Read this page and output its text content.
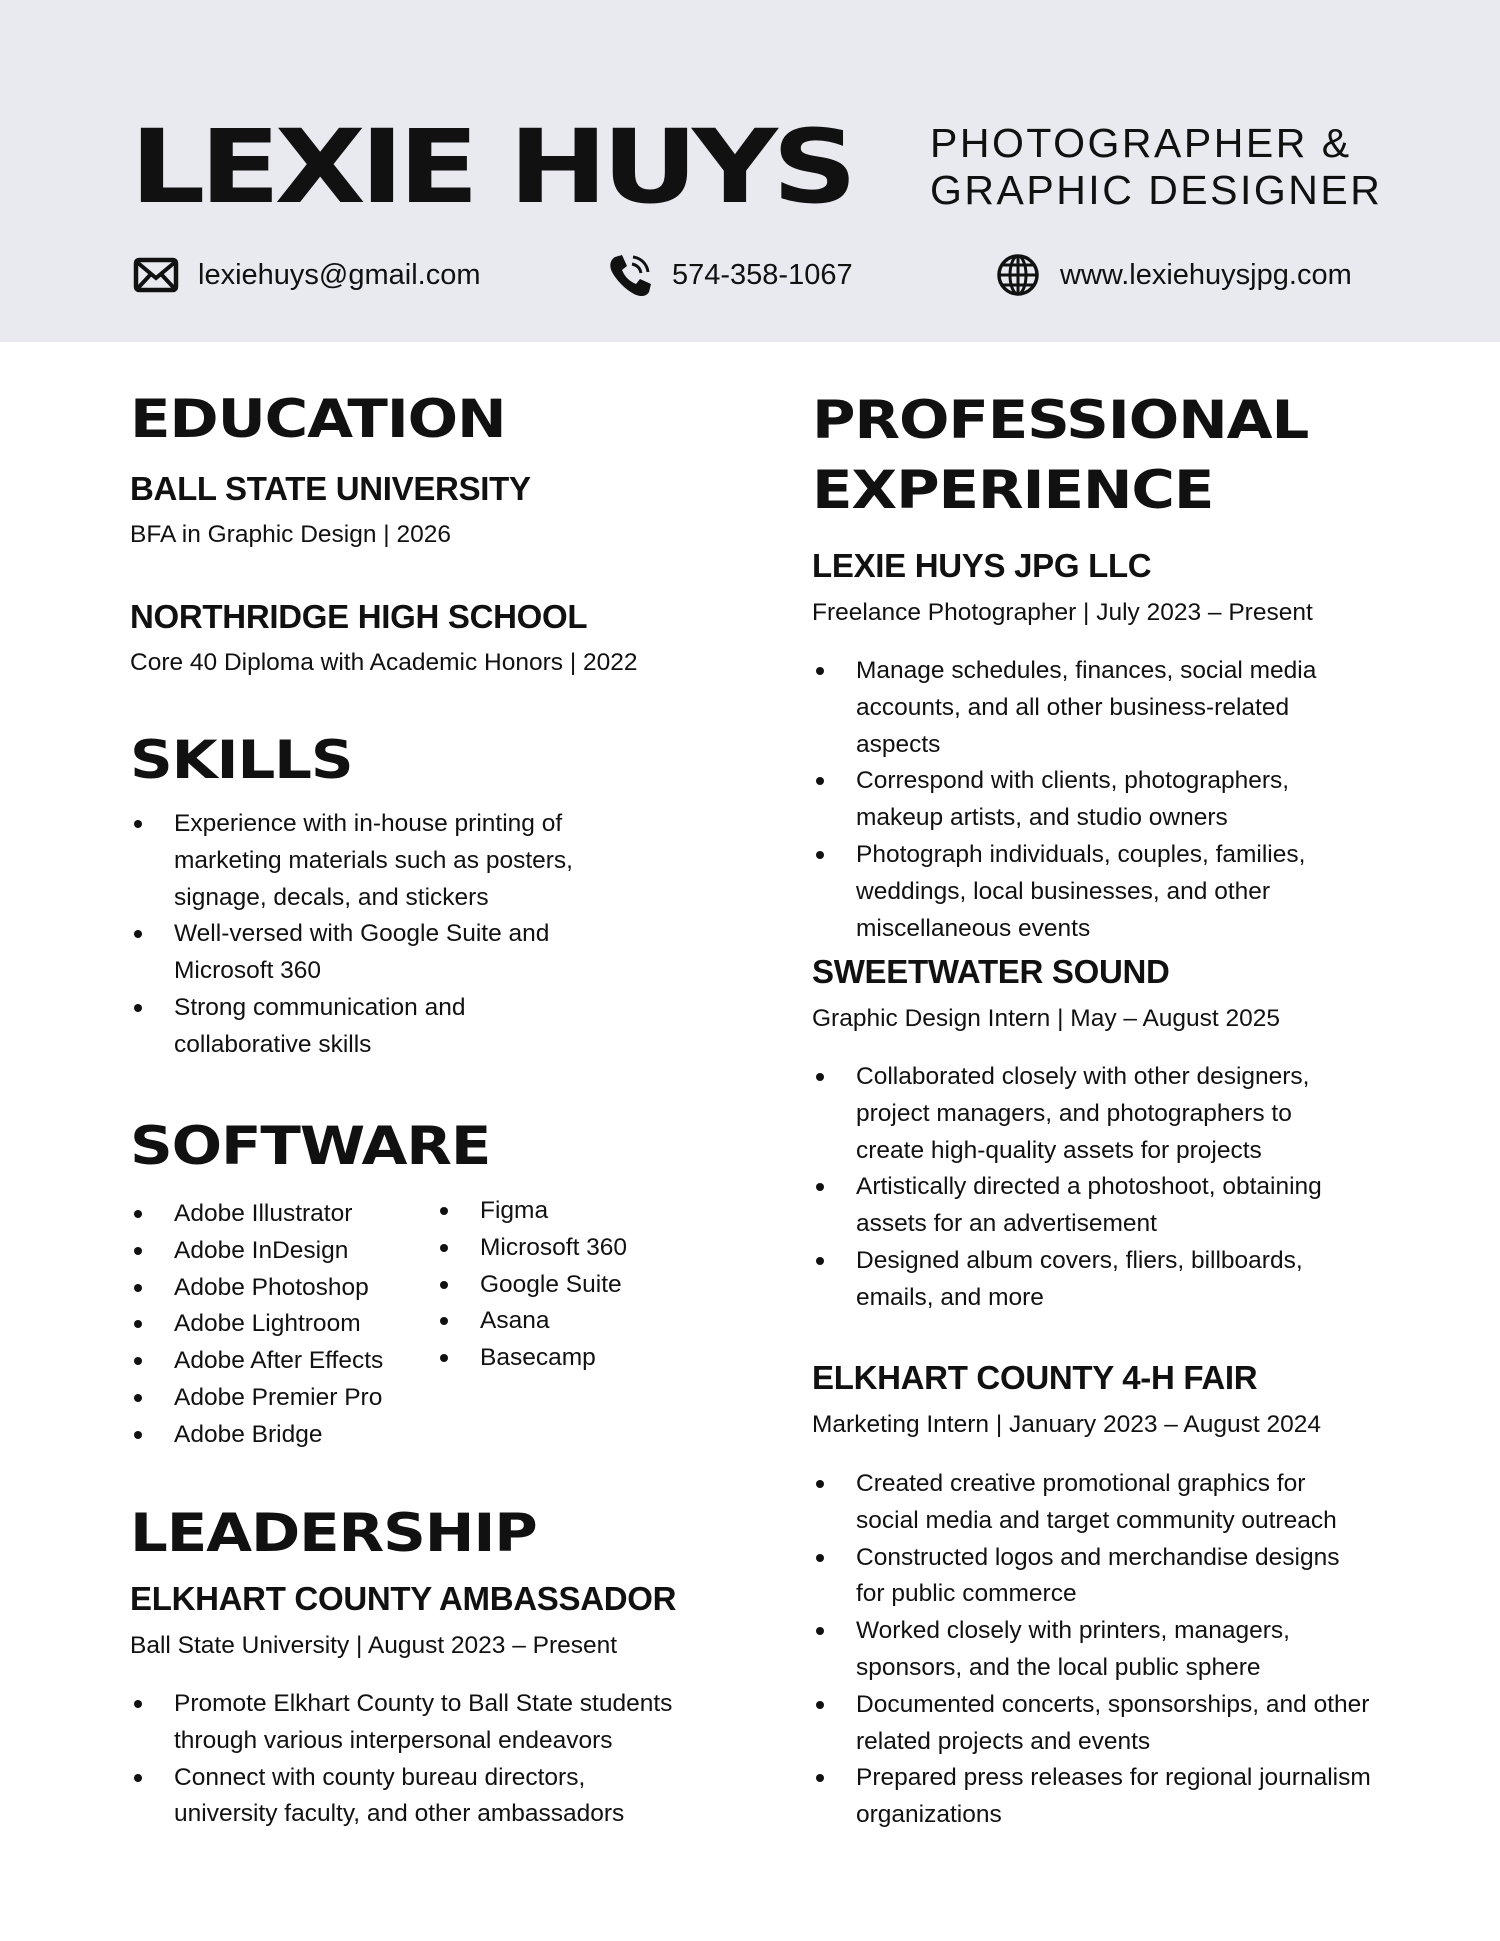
LEXIE HUYS PHOTOGRAPHER &
GRAPHIC DESIGNER
lexiehuys@gmail.com	574-358-1067	www.lexiehuysjpg.com
EDUCATION
BALL STATE UNIVERSITY
BFA in Graphic Design | 2026
NORTHRIDGE HIGH SCHOOL
Core 40 Diploma with Academic Honors | 2022
SKILLS
Experience with in-house printing of marketing materials such as posters, signage, decals, and stickers
Well-versed with Google Suite and Microsoft 360
Strong communication and collaborative skills
SOFTWARE
Adobe Illustrator
Adobe InDesign
Adobe Photoshop
Adobe Lightroom
Adobe After Effects
Adobe Premier Pro
Adobe Bridge
Figma
Microsoft 360
Google Suite
Asana
Basecamp
LEADERSHIP
ELKHART COUNTY AMBASSADOR
Ball State University | August 2023 – Present
Promote Elkhart County to Ball State students through various interpersonal endeavors
Connect with county bureau directors, university faculty, and other ambassadors
PROFESSIONAL
EXPERIENCE
LEXIE HUYS JPG LLC
Freelance Photographer | July 2023 – Present
Manage schedules, finances, social media accounts, and all other business-related aspects
Correspond with clients, photographers, makeup artists, and studio owners
Photograph individuals, couples, families, weddings, local businesses, and other miscellaneous events
SWEETWATER SOUND
Graphic Design Intern | May – August 2025
Collaborated closely with other designers, project managers, and photographers to create high-quality assets for projects
Artistically directed a photoshoot, obtaining assets for an advertisement
Designed album covers, fliers, billboards, emails, and more
ELKHART COUNTY 4-H FAIR
Marketing Intern | January 2023 – August 2024
Created creative promotional graphics for social media and target community outreach
Constructed logos and merchandise designs for public commerce
Worked closely with printers, managers, sponsors, and the local public sphere
Documented concerts, sponsorships, and other related projects and events
Prepared press releases for regional journalism organizations
